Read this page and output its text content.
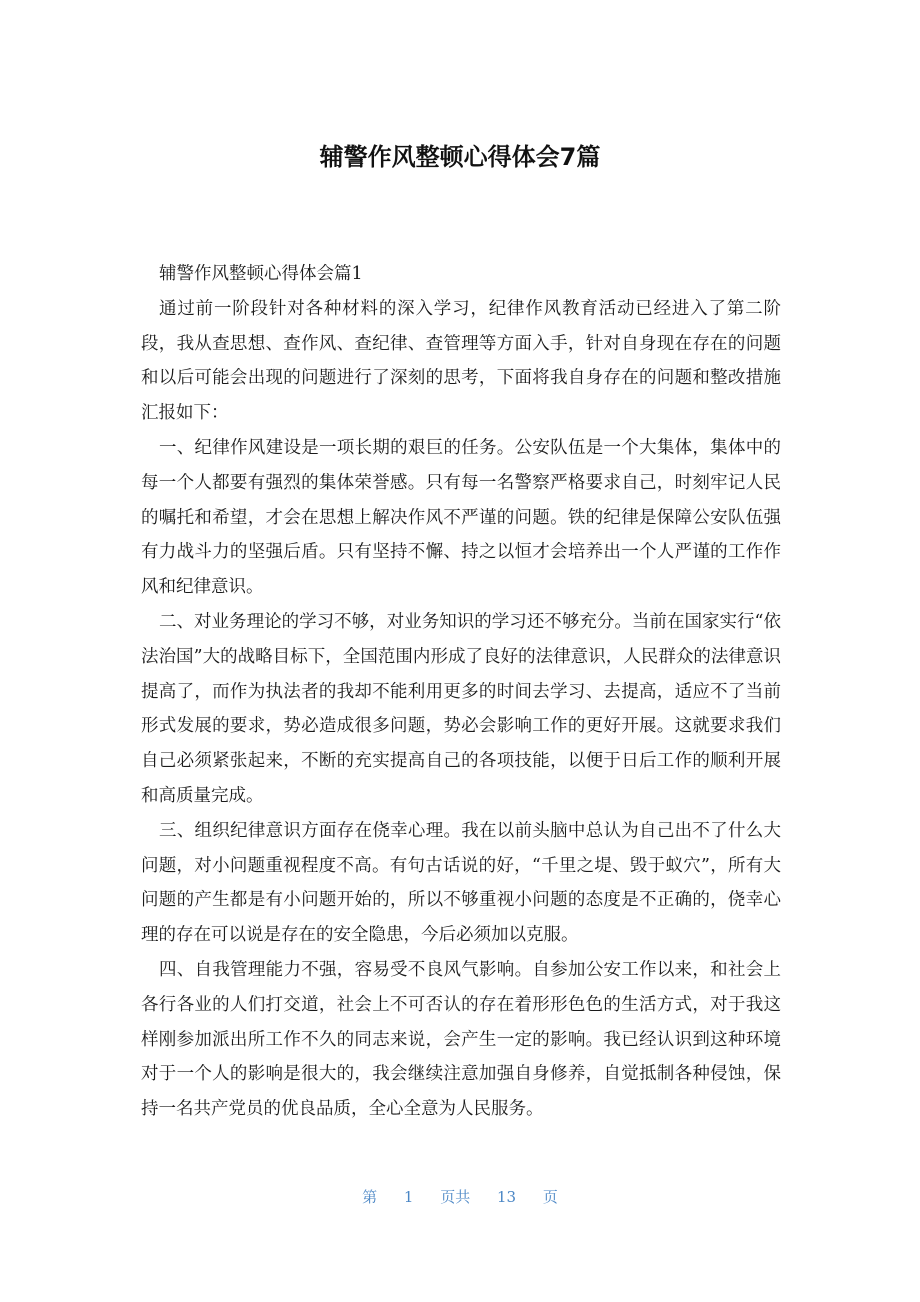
辅警作风整顿心得体会7篇

辅警作风整顿心得体会篇1

通过前一阶段针对各种材料的深入学习，纪律作风教育活动已经进入了第二阶段，我从查思想、查作风、查纪律、查管理等方面入手，针对自身现在存在的问题和以后可能会出现的问题进行了深刻的思考，下面将我自身存在的问题和整改措施汇报如下：

一、纪律作风建设是一项长期的艰巨的任务。公安队伍是一个大集体，集体中的每一个人都要有强烈的集体荣誉感。只有每一名警察严格要求自己，时刻牢记人民的嘱托和希望，才会在思想上解决作风不严谨的问题。铁的纪律是保障公安队伍强有力战斗力的坚强后盾。只有坚持不懈、持之以恒才会培养出一个人严谨的工作作风和纪律意识。

二、对业务理论的学习不够，对业务知识的学习还不够充分。当前在国家实行“依法治国”大的战略目标下，全国范围内形成了良好的法律意识，人民群众的法律意识提高了，而作为执法者的我却不能利用更多的时间去学习、去提高，适应不了当前形式发展的要求，势必造成很多问题，势必会影响工作的更好开展。这就要求我们自己必须紧张起来，不断的充实提高自己的各项技能，以便于日后工作的顺利开展和高质量完成。

三、组织纪律意识方面存在侥幸心理。我在以前头脑中总认为自己出不了什么大问题，对小问题重视程度不高。有句古话说的好，“千里之堤、毁于蚁穴”，所有大问题的产生都是有小问题开始的，所以不够重视小问题的态度是不正确的，侥幸心理的存在可以说是存在的安全隐患，今后必须加以克服。

四、自我管理能力不强，容易受不良风气影响。自参加公安工作以来，和社会上各行各业的人们打交道，社会上不可否认的存在着形形色色的生活方式，对于我这样刚参加派出所工作不久的同志来说，会产生一定的影响。我已经认识到这种环境对于一个人的影响是很大的，我会继续注意加强自身修养，自觉抵制各种侵蚀，保持一名共产党员的优良品质，全心全意为人民服务。

第 1 页共 13 页
